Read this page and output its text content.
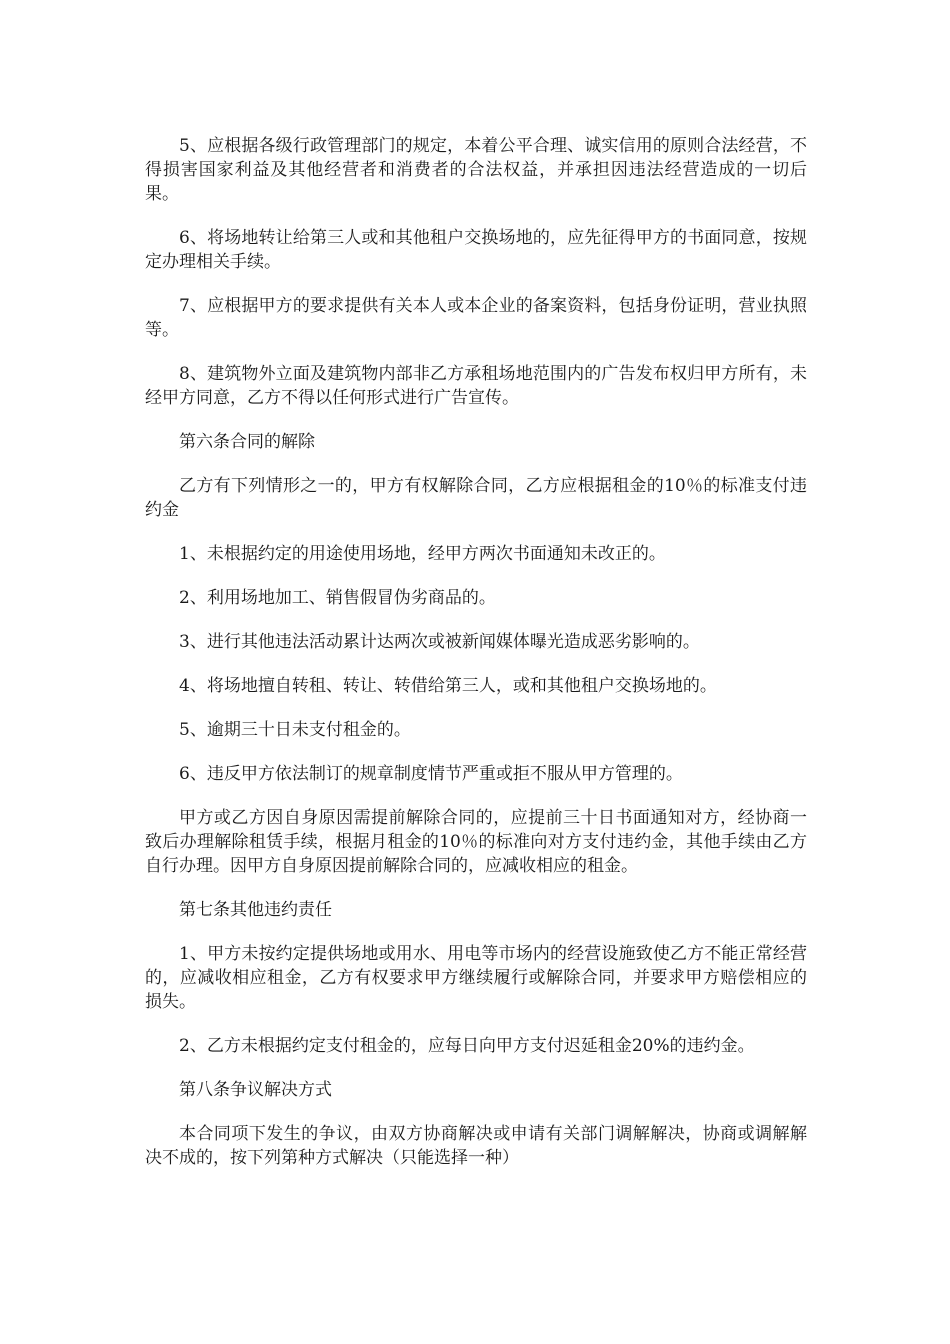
5、应根据各级行政管理部门的规定，本着公平合理、诚实信用的原则合法经营，不得损害国家利益及其他经营者和消费者的合法权益，并承担因违法经营造成的一切后果。

6、将场地转让给第三人或和其他租户交换场地的，应先征得甲方的书面同意，按规定办理相关手续。

7、应根据甲方的要求提供有关本人或本企业的备案资料，包括身份证明，营业执照等。

8、建筑物外立面及建筑物内部非乙方承租场地范围内的广告发布权归甲方所有，未经甲方同意，乙方不得以任何形式进行广告宣传。

第六条合同的解除

乙方有下列情形之一的，甲方有权解除合同，乙方应根据租金的10％的标准支付违约金

1、未根据约定的用途使用场地，经甲方两次书面通知未改正的。

2、利用场地加工、销售假冒伪劣商品的。

3、进行其他违法活动累计达两次或被新闻媒体曝光造成恶劣影响的。

4、将场地擅自转租、转让、转借给第三人，或和其他租户交换场地的。

5、逾期三十日未支付租金的。

6、违反甲方依法制订的规章制度情节严重或拒不服从甲方管理的。

甲方或乙方因自身原因需提前解除合同的，应提前三十日书面通知对方，经协商一致后办理解除租赁手续，根据月租金的10％的标准向对方支付违约金，其他手续由乙方自行办理。因甲方自身原因提前解除合同的，应减收相应的租金。

第七条其他违约责任

1、甲方未按约定提供场地或用水、用电等市场内的经营设施致使乙方不能正常经营的，应减收相应租金，乙方有权要求甲方继续履行或解除合同，并要求甲方赔偿相应的损失。

2、乙方未根据约定支付租金的，应每日向甲方支付迟延租金20%的违约金。

第八条争议解决方式

本合同项下发生的争议，由双方协商解决或申请有关部门调解解决，协商或调解解决不成的，按下列第种方式解决（只能选择一种）
